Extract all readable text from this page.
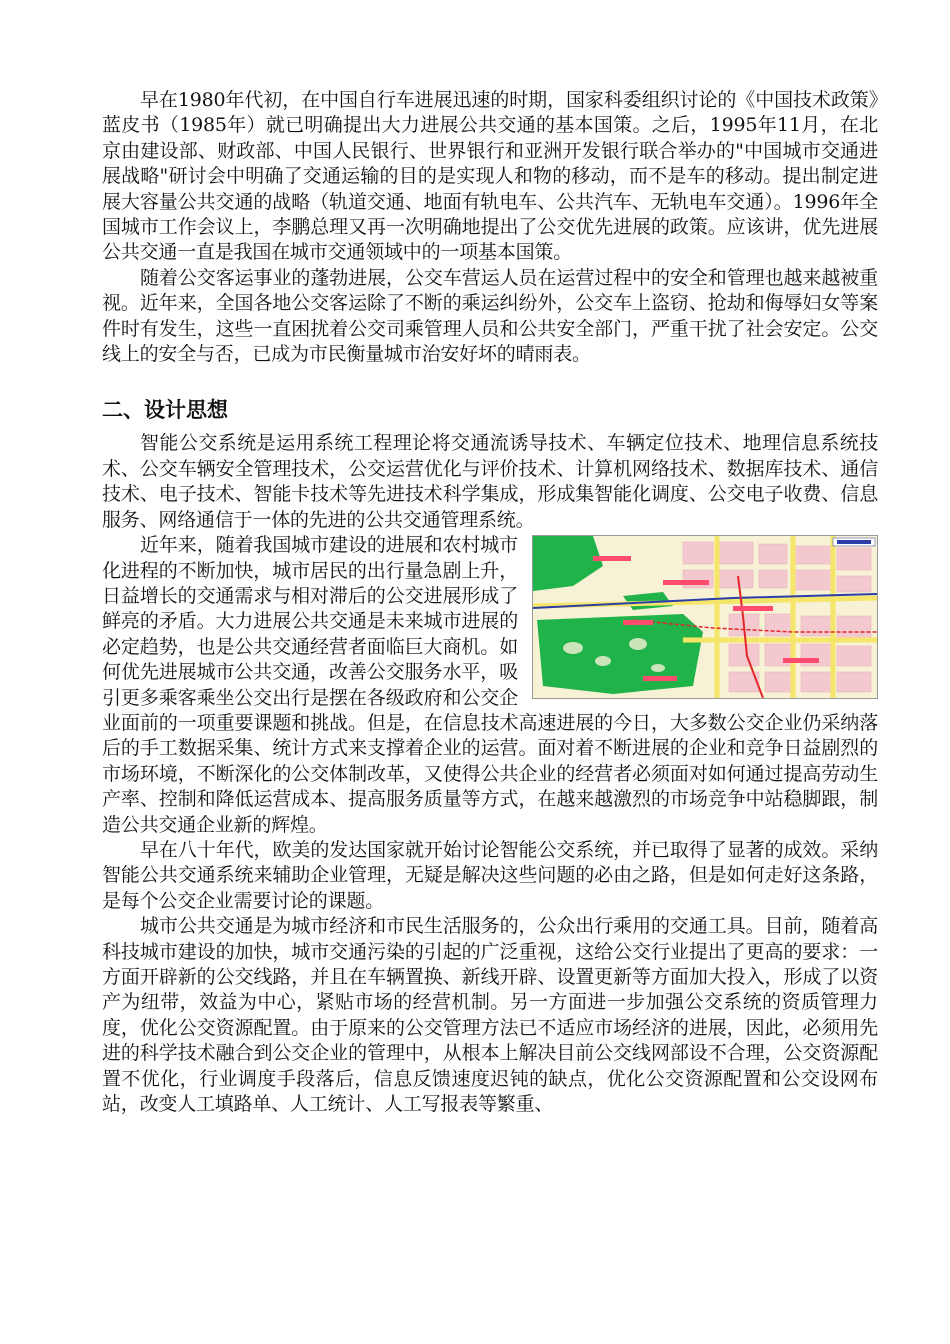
早在1980年代初，在中国自行车进展迅速的时期，国家科委组织讨论的《中国技术政策》蓝皮书（1985年）就已明确提出大力进展公共交通的基本国策。之后，1995年11月，在北京由建设部、财政部、中国人民银行、世界银行和亚洲开发银行联合举办的"中国城市交通进展战略"研讨会中明确了交通运输的目的是实现人和物的移动，而不是车的移动。提出制定进展大容量公共交通的战略（轨道交通、地面有轨电车、公共汽车、无轨电车交通）。1996年全国城市工作会议上，李鹏总理又再一次明确地提出了公交优先进展的政策。应该讲，优先进展公共交通一直是我国在城市交通领域中的一项基本国策。

随着公交客运事业的蓬勃进展，公交车营运人员在运营过程中的安全和管理也越来越被重视。近年来，全国各地公交客运除了不断的乘运纠纷外，公交车上盗窃、抢劫和侮辱妇女等案件时有发生，这些一直困扰着公交司乘管理人员和公共安全部门，严重干扰了社会安定。公交线上的安全与否，已成为市民衡量城市治安好坏的晴雨表。

二、设计思想

智能公交系统是运用系统工程理论将交通流诱导技术、车辆定位技术、地理信息系统技术、公交车辆安全管理技术，公交运营优化与评价技术、计算机网络技术、数据库技术、通信技术、电子技术、智能卡技术等先进技术科学集成，形成集智能化调度、公交电子收费、信息服务、网络通信于一体的先进的公共交通管理系统。

近年来，随着我国城市建设的进展和农村城市化进程的不断加快，城市居民的出行量急剧上升，日益增长的交通需求与相对滞后的公交进展形成了鲜亮的矛盾。大力进展公共交通是未来城市进展的必定趋势，也是公共交通经营者面临巨大商机。如何优先进展城市公共交通，改善公交服务水平，吸引更多乘客乘坐公交出行是摆在各级政府和公交企业面前的一项重要课题和挑战。但是，在信息技术高速进展的今日，大多数公交企业仍采纳落后的手工数据采集、统计方式来支撑着企业的运营。面对着不断进展的企业和竞争日益剧烈的市场环境，不断深化的公交体制改革，又使得公共企业的经营者必须面对如何通过提高劳动生产率、控制和降低运营成本、提高服务质量等方式，在越来越激烈的市场竞争中站稳脚跟，制造公共交通企业新的辉煌。

早在八十年代，欧美的发达国家就开始讨论智能公交系统，并已取得了显著的成效。采纳智能公共交通系统来辅助企业管理，无疑是解决这些问题的必由之路，但是如何走好这条路，是每个公交企业需要讨论的课题。

城市公共交通是为城市经济和市民生活服务的，公众出行乘用的交通工具。目前，随着高科技城市建设的加快，城市交通污染的引起的广泛重视，这给公交行业提出了更高的要求：一方面开辟新的公交线路，并且在车辆置换、新线开辟、设置更新等方面加大投入，形成了以资产为纽带，效益为中心，紧贴市场的经营机制。另一方面进一步加强公交系统的资质管理力度，优化公交资源配置。由于原来的公交管理方法已不适应市场经济的进展，因此，必须用先进的科学技术融合到公交企业的管理中，从根本上解决目前公交线网部设不合理，公交资源配置不优化，行业调度手段落后，信息反馈速度迟钝的缺点，优化公交资源配置和公交设网布站，改变人工填路单、人工统计、人工写报表等繁重、
